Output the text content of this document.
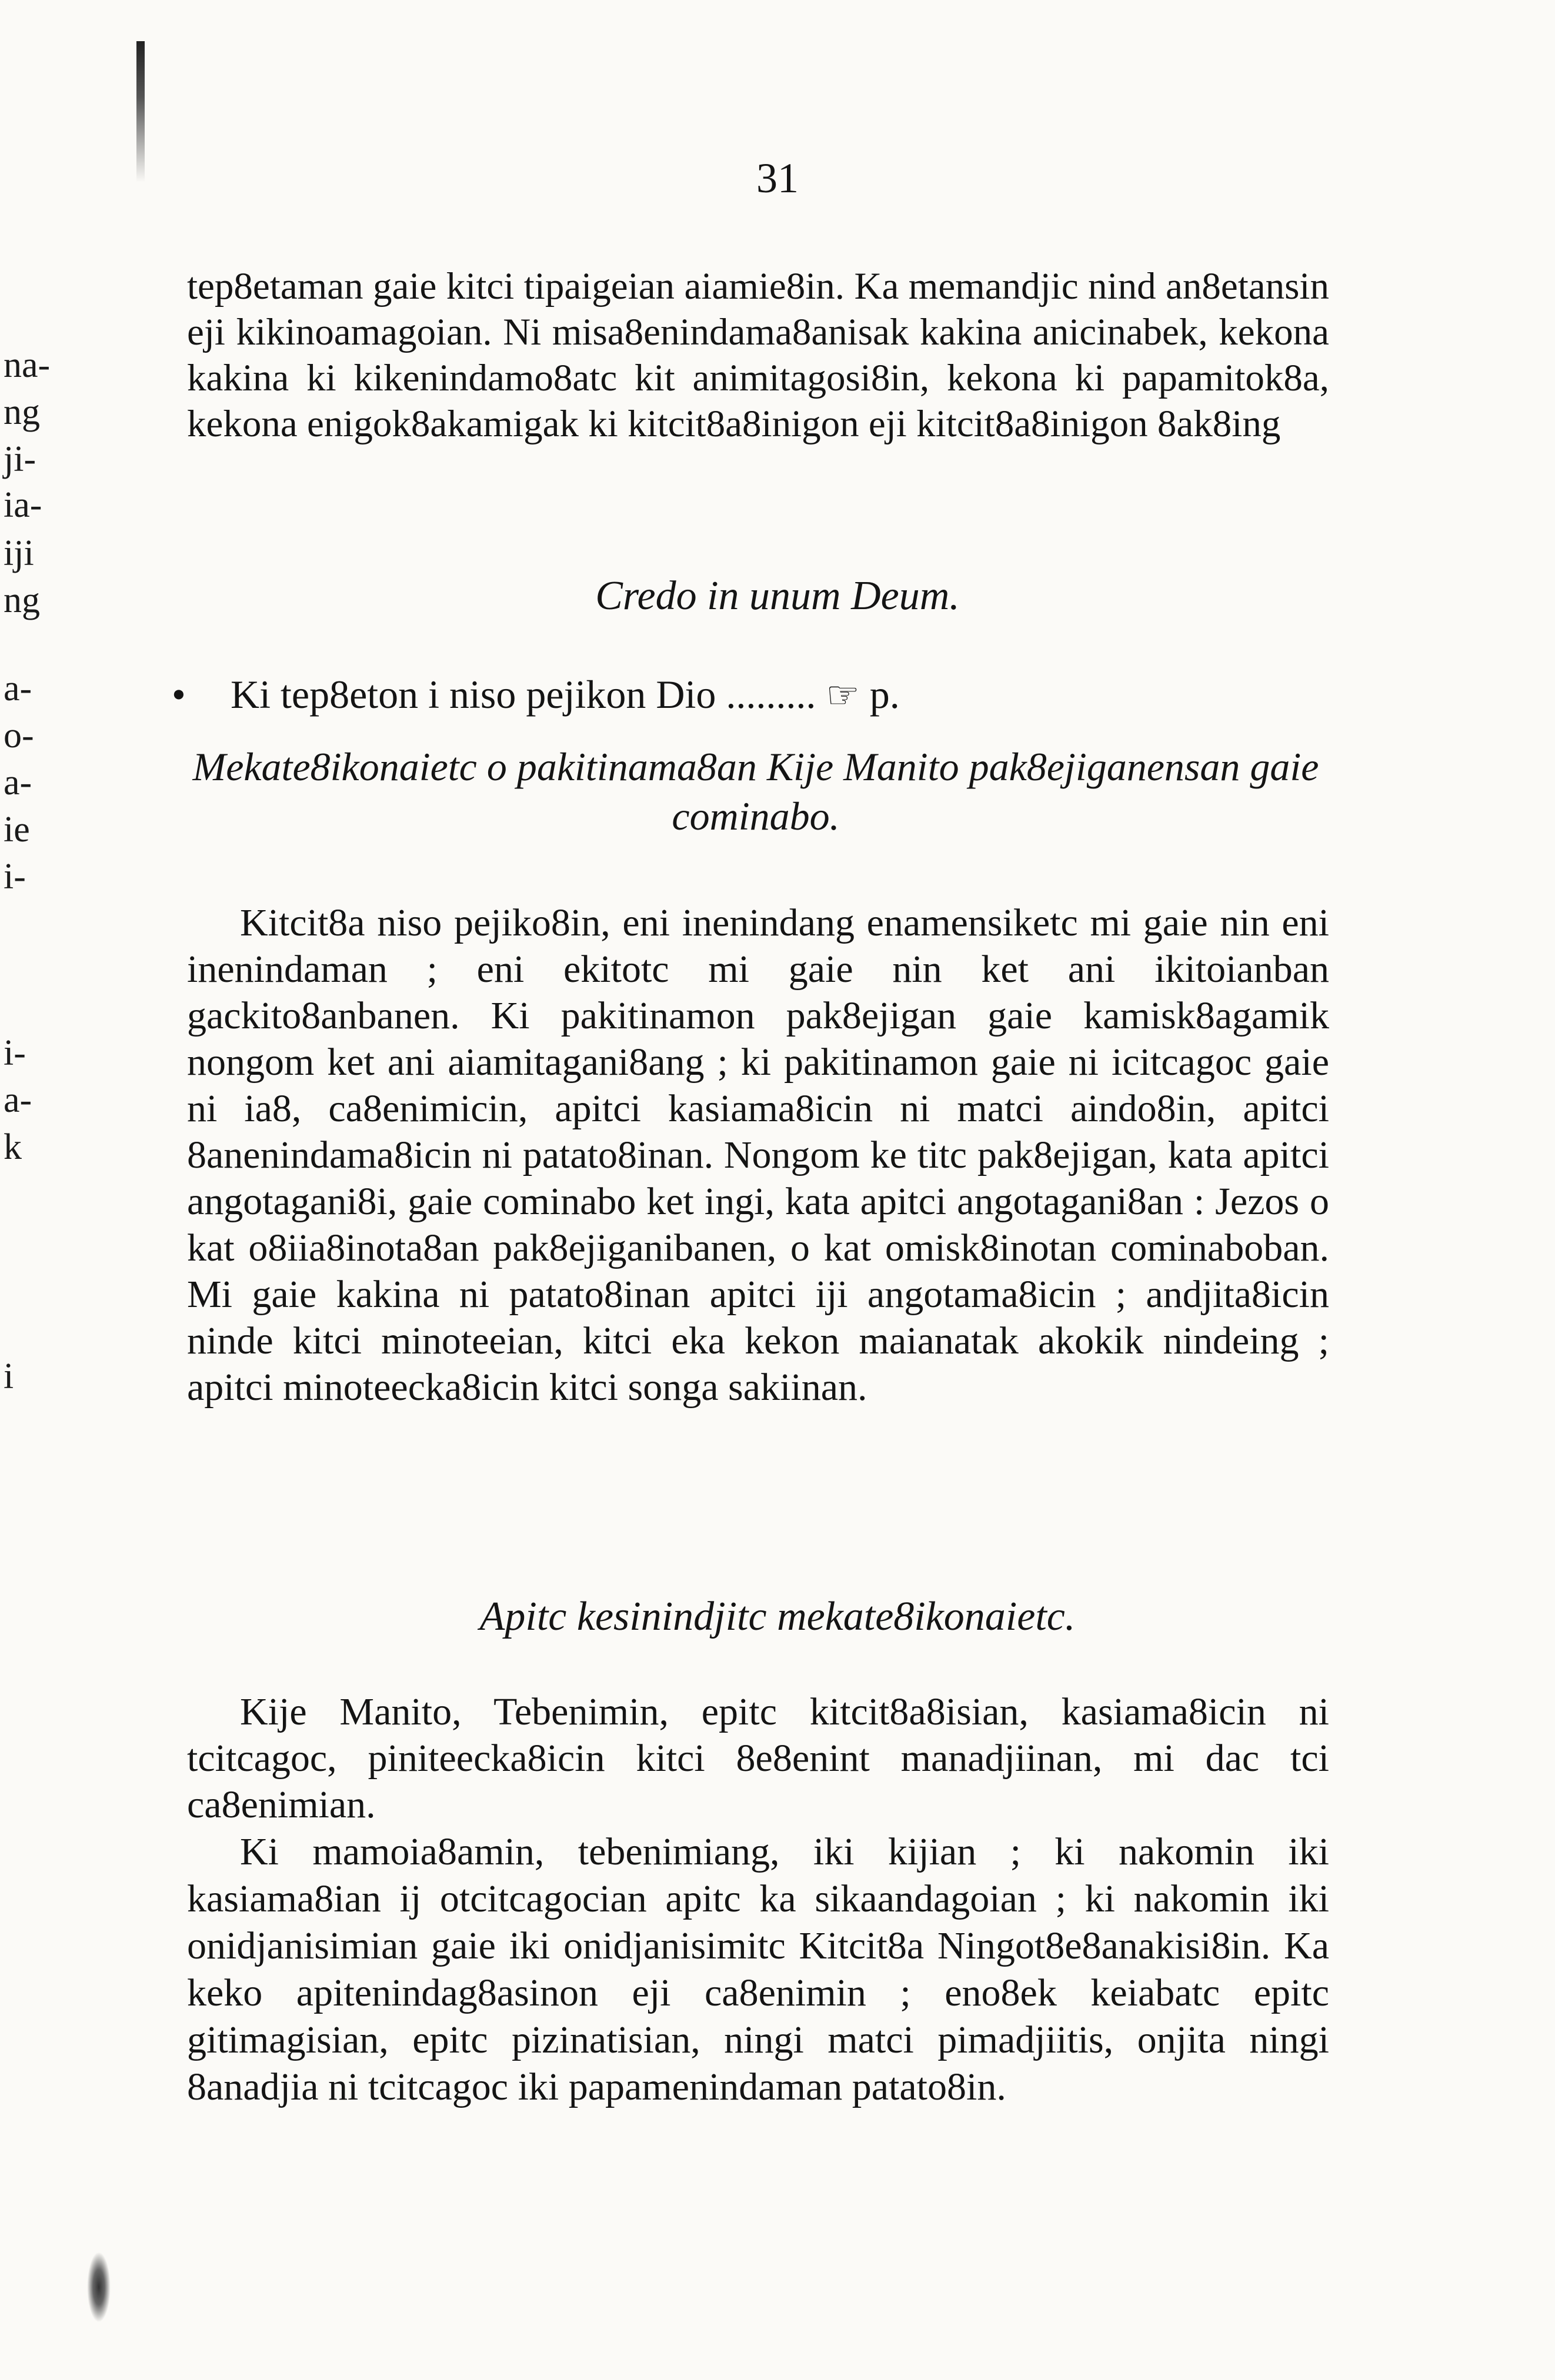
na-
ng
ji-
ia-
iji
ng
a-
o-
a-
ie
i-
i-
a-
k
i
31

tep8etaman gaie kitci tipaigeian aiamie8in. Ka memandjic nind an8etansin eji kikinoamagoian. Ni misa8enindama8anisak kakina anicinabek, kekona kakina ki kikenindamo8atc kit animitagosi8in, kekona ki papamitok8a, kekona enigok8akamigak ki kitcit8a8inigon eji kitcit8a8inigon 8ak8ing

Credo in unum Deum.
• Ki tep8eton i niso pejikon Dio ......... ☞ p.
Mekate8ikonaietc o pakitinama8an Kije Manito pak8ejiganensan gaie cominabo.

Kitcit8a niso pejiko8in, eni inenindang enamensiketc mi gaie nin eni inenindaman ; eni ekitotc mi gaie nin ket ani ikitoianban gackito8anbanen. Ki pakitinamon pak8ejigan gaie kamisk8agamik nongom ket ani aiamitagani8ang ; ki pakitinamon gaie ni icitcagoc gaie ni ia8, ca8enimicin, apitci kasiama8icin ni matci aindo8in, apitci 8anenindama8icin ni patato8inan. Nongom ke titc pak8ejigan, kata apitci angotagani8i, gaie cominabo ket ingi, kata apitci angotagani8an : Jezos o kat o8iia8inota8an pak8ejiganibanen, o kat omisk8inotan cominaboban. Mi gaie kakina ni patato8inan apitci iji angotama8icin ; andjita8icin ninde kitci minoteeian, kitci eka kekon maianatak akokik nindeing ; apitci minoteecka8icin kitci songa sakiinan.

Apitc kesinindjitc mekate8ikonaietc.

Kije Manito, Tebenimin, epitc kitcit8a8isian, kasiama8icin ni tcitcagoc, piniteecka8icin kitci 8e8enint manadjiinan, mi dac tci ca8enimian.

Ki mamoia8amin, tebenimiang, iki kijian ; ki nakomin iki kasiama8ian ij otcitcagocian apitc ka sikaandagoian ; ki nakomin iki onidjanisimian gaie iki onidjanisimitc Kitcit8a Ningot8e8anakisi8in. Ka keko apitenindag8asinon eji ca8enimin ; eno8ek keiabatc epitc gitimagisian, epitc pizinatisian, ningi matci pimadjiitis, onjita ningi 8anadjia ni tcitcagoc iki papamenindaman patato8in.
